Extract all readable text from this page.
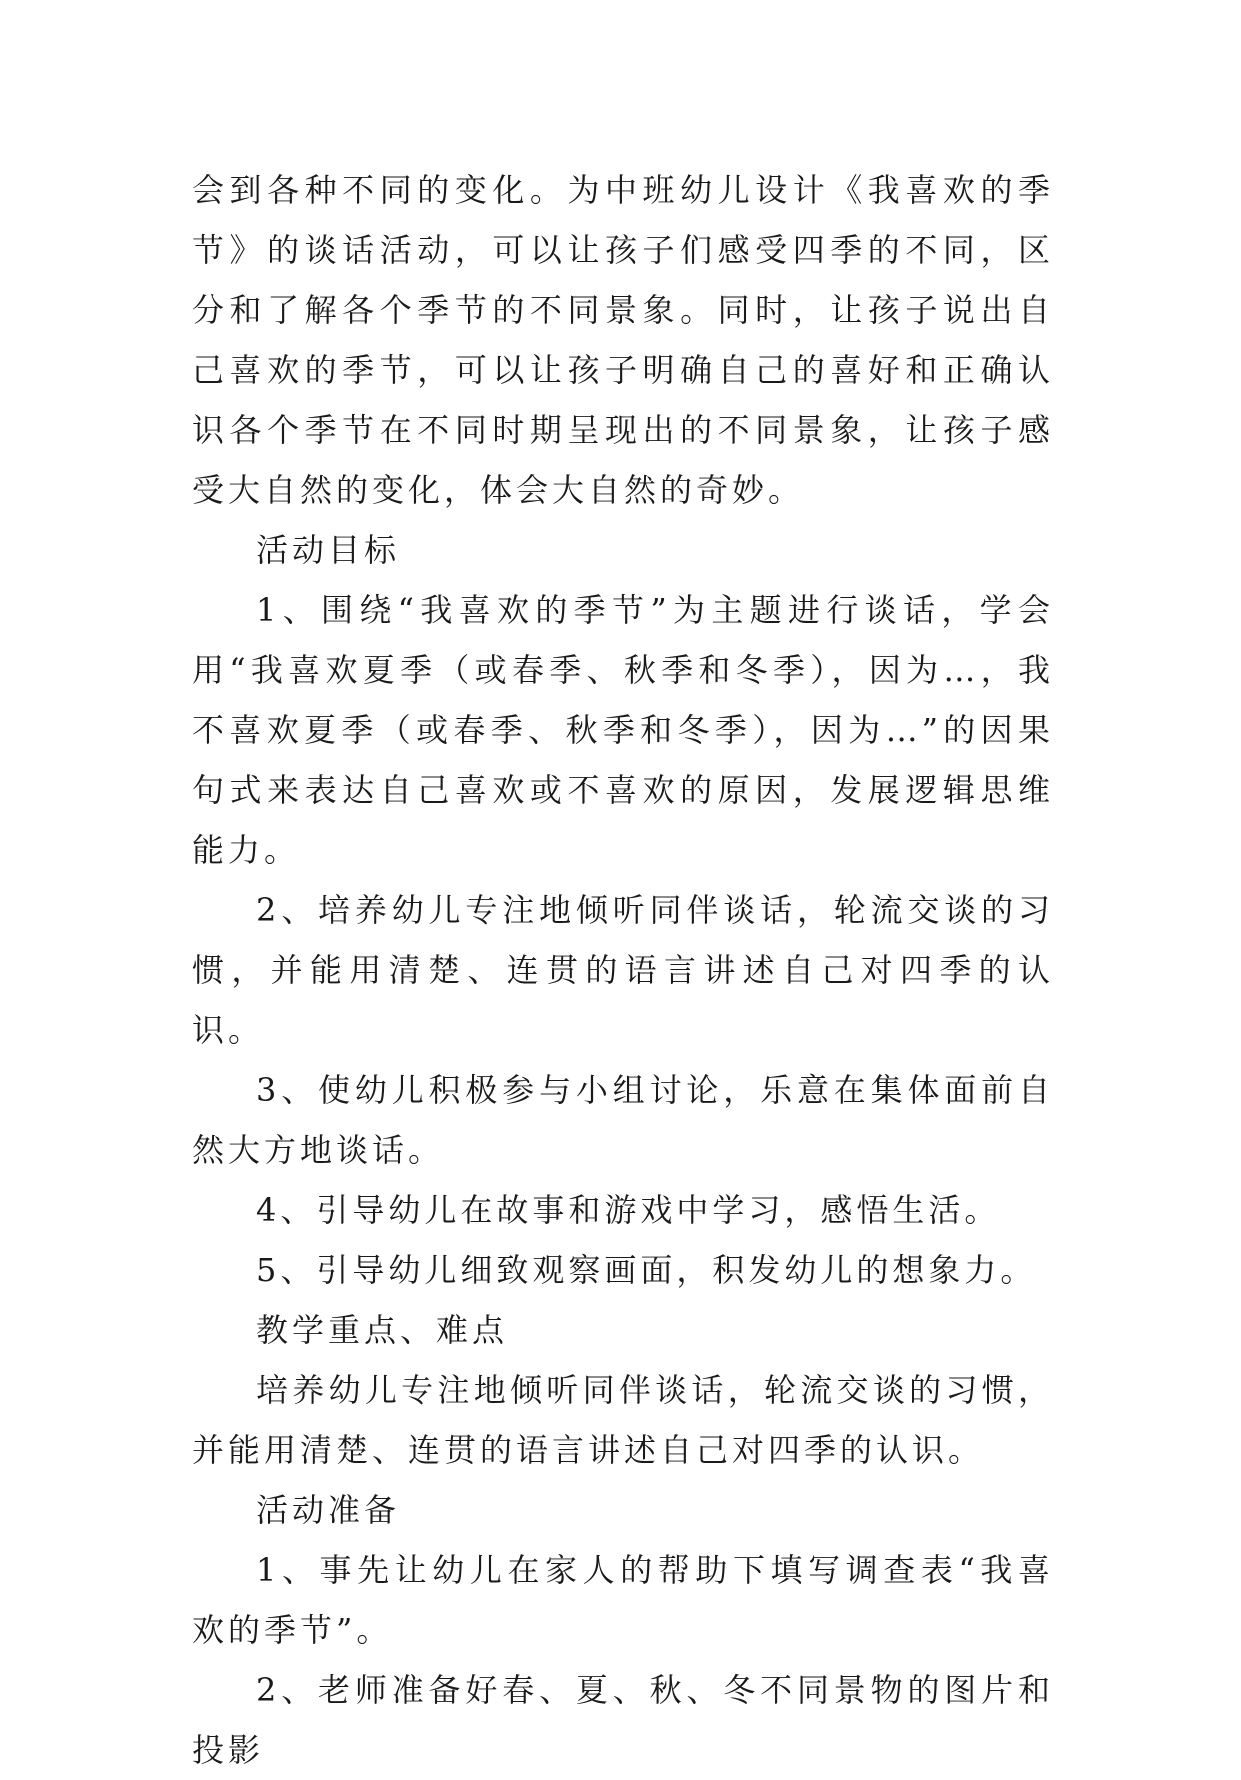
会到各种不同的变化。为中班幼儿设计《我喜欢的季节》的谈话活动，可以让孩子们感受四季的不同，区分和了解各个季节的不同景象。同时，让孩子说出自己喜欢的季节，可以让孩子明确自己的喜好和正确认识各个季节在不同时期呈现出的不同景象，让孩子感受大自然的变化，体会大自然的奇妙。

活动目标

1、围绕“我喜欢的季节”为主题进行谈话，学会用“我喜欢夏季（或春季、秋季和冬季），因为…，我不喜欢夏季（或春季、秋季和冬季），因为…”的因果句式来表达自己喜欢或不喜欢的原因，发展逻辑思维能力。

2、培养幼儿专注地倾听同伴谈话，轮流交谈的习惯，并能用清楚、连贯的语言讲述自己对四季的认识。

3、使幼儿积极参与小组讨论，乐意在集体面前自然大方地谈话。

4、引导幼儿在故事和游戏中学习，感悟生活。

5、引导幼儿细致观察画面，积发幼儿的想象力。

教学重点、难点

培养幼儿专注地倾听同伴谈话，轮流交谈的习惯，并能用清楚、连贯的语言讲述自己对四季的认识。

活动准备

1、事先让幼儿在家人的帮助下填写调查表“我喜欢的季节”。

2、老师准备好春、夏、秋、冬不同景物的图片和投影
